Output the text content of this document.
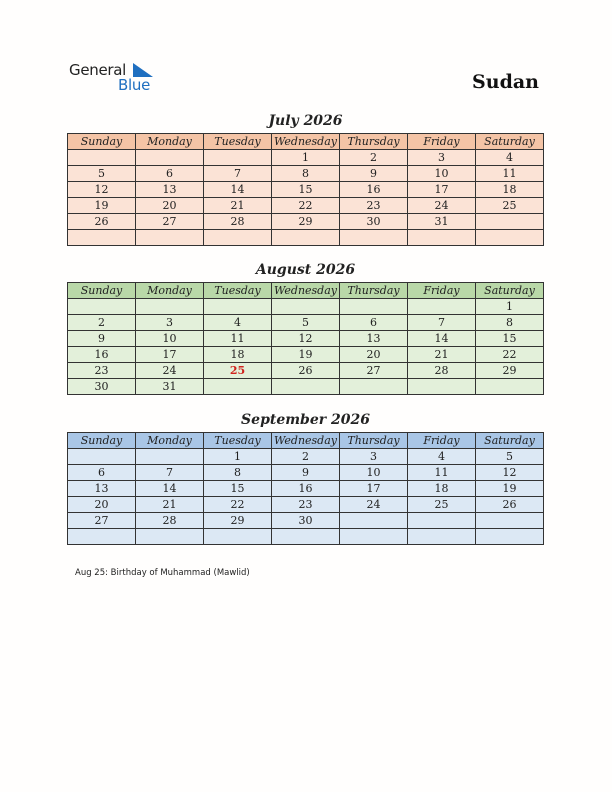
General
Blue	Sudan
July 2026
Sunday	Monday	Tuesday	Wednesday	Thursday	Friday	Saturday
			1	2	3	4
5	6	7	8	9	10	11
12	13	14	15	16	17	18
19	20	21	22	23	24	25
26	27	28	29	30	31	

August 2026
Sunday	Monday	Tuesday	Wednesday	Thursday	Friday	Saturday
						1
2	3	4	5	6	7	8
9	10	11	12	13	14	15
16	17	18	19	20	21	22
23	24	25	26	27	28	29
30	31					
September 2026
Sunday	Monday	Tuesday	Wednesday	Thursday	Friday	Saturday
		1	2	3	4	5
6	7	8	9	10	11	12
13	14	15	16	17	18	19
20	21	22	23	24	25	26
27	28	29	30			

Aug 25: Birthday of Muhammad (Mawlid)
